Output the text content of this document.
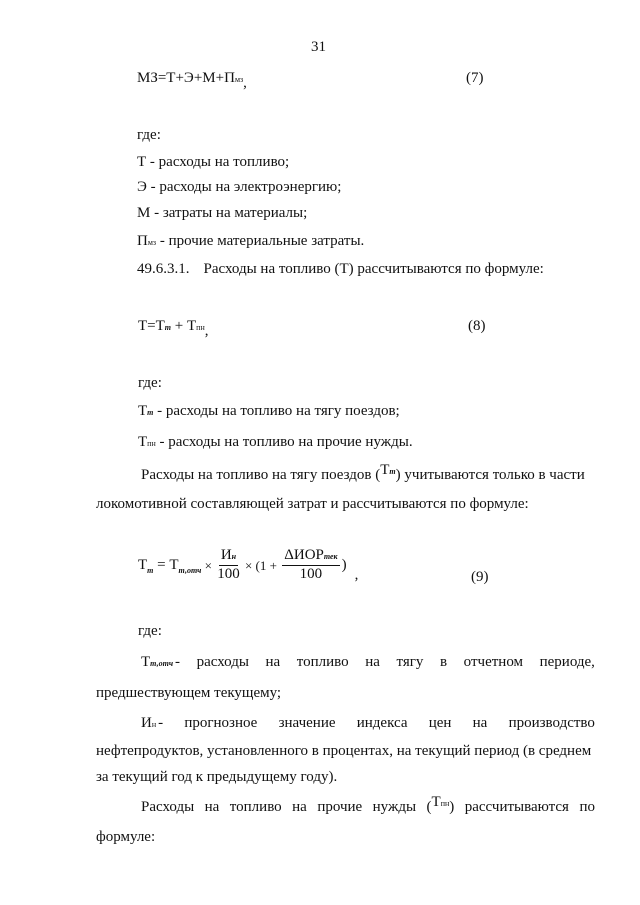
31
МЗ=Т+Э+М+Пмз,	(7)
где:
Т - расходы на топливо;
Э - расходы на электроэнергию;
М - затраты на материалы;
Пмз - прочие материальные затраты.
49.6.3.1. Расходы на топливо (Т) рассчитываются по формуле:
Т=Тт + Тпн,	(8)
где:
Тт - расходы на топливо на тягу поездов;
Тпн - расходы на топливо на прочие нужды.
Расходы на топливо на тягу поездов $(Т^т)$ учитываются только в части
локомотивной составляющей затрат и рассчитываются по формуле:
Т т = Т $т,отч \times \frac{Ин}{100} \times (1 + \frac{\text{ΔИОРтек}}{100}$ )
,	(9)
где:
Тт,отч - расходы на топливо на тягу в отчетном периоде,
предшествующем текущему;
Ин - прогнозное значение индекса цен на производство
нефтепродуктов, установленного в процентах, на текущий период (в среднем
за текущий год к предыдущему году).
Расходы на топливо на прочие нужды $(Т^{пн})$ рассчитываются по
формуле:
